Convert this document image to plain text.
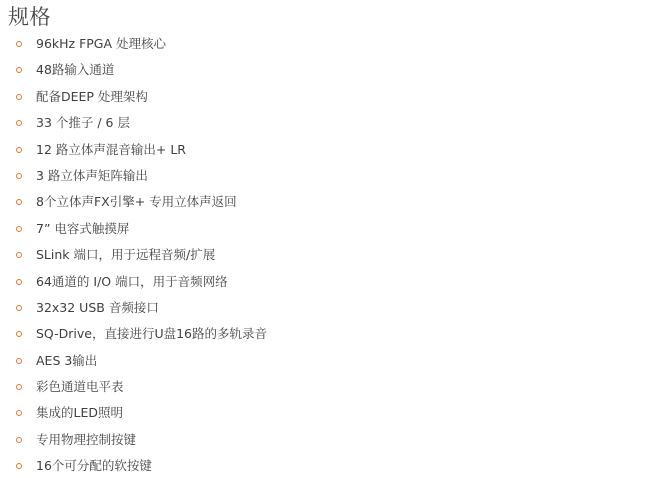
规格
96kHz FPGA 处理核心
48路输入通道
配备DEEP 处理架构
33 个推子 / 6 层
12 路立体声混音输出+ LR
3 路立体声矩阵输出
8个立体声FX引擎+ 专用立体声返回
7” 电容式触摸屏
SLink 端口，用于远程音频/扩展
64通道的 I/O 端口，用于音频网络
32x32 USB 音频接口
SQ-Drive，直接进行U盘16路的多轨录音
AES 3输出
彩色通道电平表
集成的LED照明
专用物理控制按键
16个可分配的软按键
